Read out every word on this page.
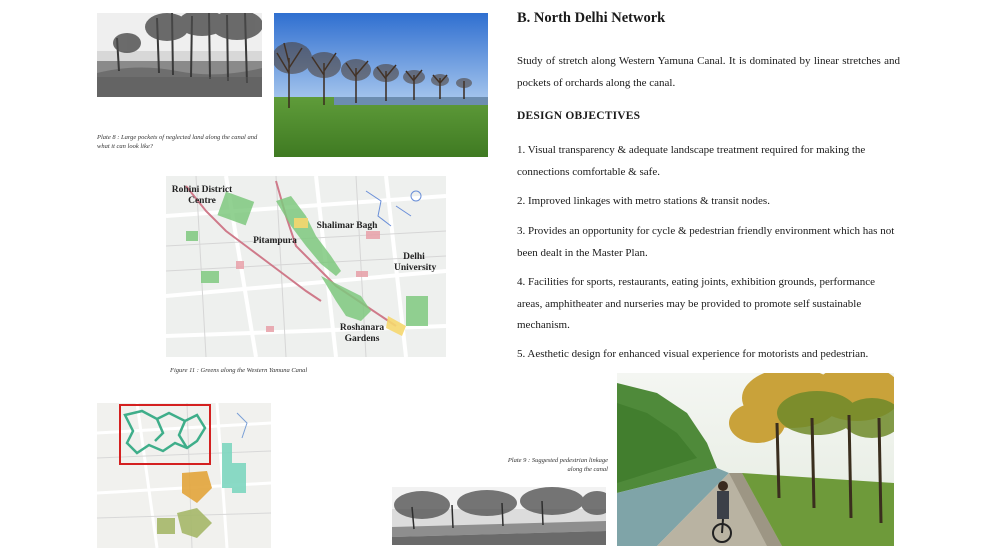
Plate 8 : Large pockets of neglected land along the canal and what it can look like?
Rohini District Centre
Shalimar Bagh
Pitampura
Delhi University
Roshanara Gardens
Figure 11 : Greens along the Western Yamuna Canal
Plate 9 : Suggested pedestrian linkage along the canal
B. North Delhi Network
Study of stretch along Western Yamuna Canal. It is dominated by linear stretches and pockets of orchards along the canal.
DESIGN OBJECTIVES
1. Visual transparency & adequate landscape treatment required for making the connections comfortable & safe.
2. Improved linkages with metro stations & transit nodes.
3. Provides an opportunity for cycle & pedestrian friendly environment which has not been dealt in the Master Plan.
4. Facilities for sports, restaurants, eating joints, exhibition grounds, performance areas, amphitheater and nurseries may be provided to promote self sustainable mechanism.
5. Aesthetic design for enhanced visual experience for motorists and pedestrian.
